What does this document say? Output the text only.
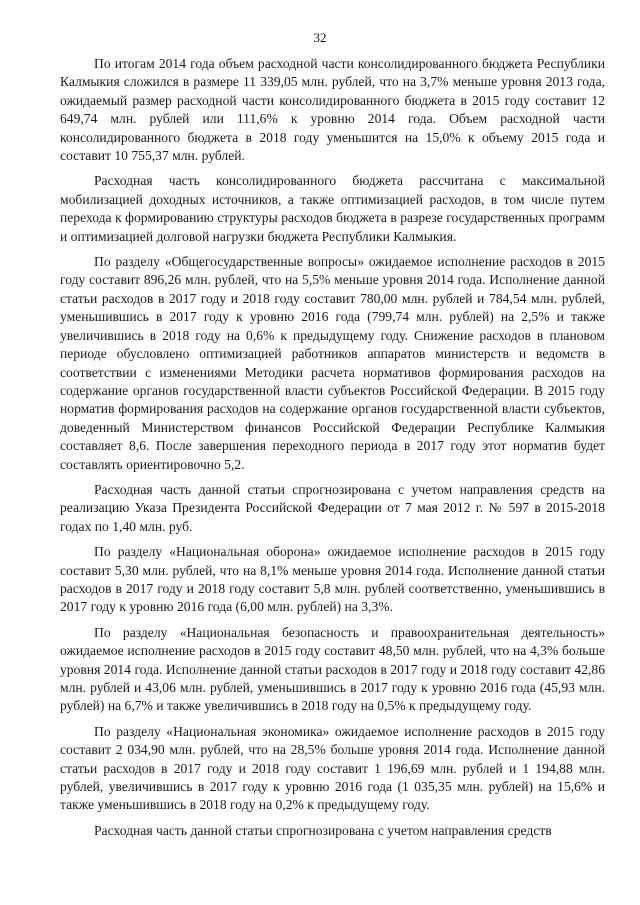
32

По итогам 2014 года объем расходной части консолидированного бюджета Республики Калмыкия сложился в размере 11 339,05 млн. рублей, что на 3,7% меньше уровня 2013 года, ожидаемый размер расходной части консолидированного бюджета в 2015 году составит 12 649,74 млн. рублей или 111,6% к уровню 2014 года. Объем расходной части консолидированного бюджета в 2018 году уменьшится на 15,0% к объему 2015 года и составит 10 755,37 млн. рублей.

Расходная часть консолидированного бюджета рассчитана с максимальной мобилизацией доходных источников, а также оптимизацией расходов, в том числе путем перехода к формированию структуры расходов бюджета в разрезе государственных программ и оптимизацией долговой нагрузки бюджета Республики Калмыкия.

По разделу «Общегосударственные вопросы» ожидаемое исполнение расходов в 2015 году составит 896,26 млн. рублей, что на 5,5% меньше уровня 2014 года. Исполнение данной статьи расходов в 2017 году и 2018 году составит 780,00 млн. рублей и 784,54 млн. рублей, уменьшившись в 2017 году к уровню 2016 года (799,74 млн. рублей) на 2,5% и также увеличившись в 2018 году на 0,6% к предыдущему году. Снижение расходов в плановом периоде обусловлено оптимизацией работников аппаратов министерств и ведомств в соответствии с изменениями Методики расчета нормативов формирования расходов на содержание органов государственной власти субъектов Российской Федерации. В 2015 году норматив формирования расходов на содержание органов государственной власти субъектов, доведенный Министерством финансов Российской Федерации Республике Калмыкия составляет 8,6. После завершения переходного периода в 2017 году этот норматив будет составлять ориентировочно 5,2.

Расходная часть данной статьи спрогнозирована с учетом направления средств на реализацию Указа Президента Российской Федерации от 7 мая 2012 г. № 597 в 2015-2018 годах по 1,40 млн. руб.

По разделу «Национальная оборона» ожидаемое исполнение расходов в 2015 году составит 5,30 млн. рублей, что на 8,1% меньше уровня 2014 года. Исполнение данной статьи расходов в 2017 году и 2018 году составит 5,8 млн. рублей соответственно, уменьшившись в 2017 году к уровню 2016 года (6,00 млн. рублей) на 3,3%.

По разделу «Национальная безопасность и правоохранительная деятельность» ожидаемое исполнение расходов в 2015 году составит 48,50 млн. рублей, что на 4,3% больше уровня 2014 года. Исполнение данной статьи расходов в 2017 году и 2018 году составит 42,86 млн. рублей и 43,06 млн. рублей, уменьшившись в 2017 году к уровню 2016 года (45,93 млн. рублей) на 6,7% и также увеличившись в 2018 году на 0,5% к предыдущему году.

По разделу «Национальная экономика» ожидаемое исполнение расходов в 2015 году составит 2 034,90 млн. рублей, что на 28,5% больше уровня 2014 года. Исполнение данной статьи расходов в 2017 году и 2018 году составит 1 196,69 млн. рублей и 1 194,88 млн. рублей, увеличившись в 2017 году к уровню 2016 года (1 035,35 млн. рублей) на 15,6% и также уменьшившись в 2018 году на 0,2% к предыдущему году.

Расходная часть данной статьи спрогнозирована с учетом направления средств
